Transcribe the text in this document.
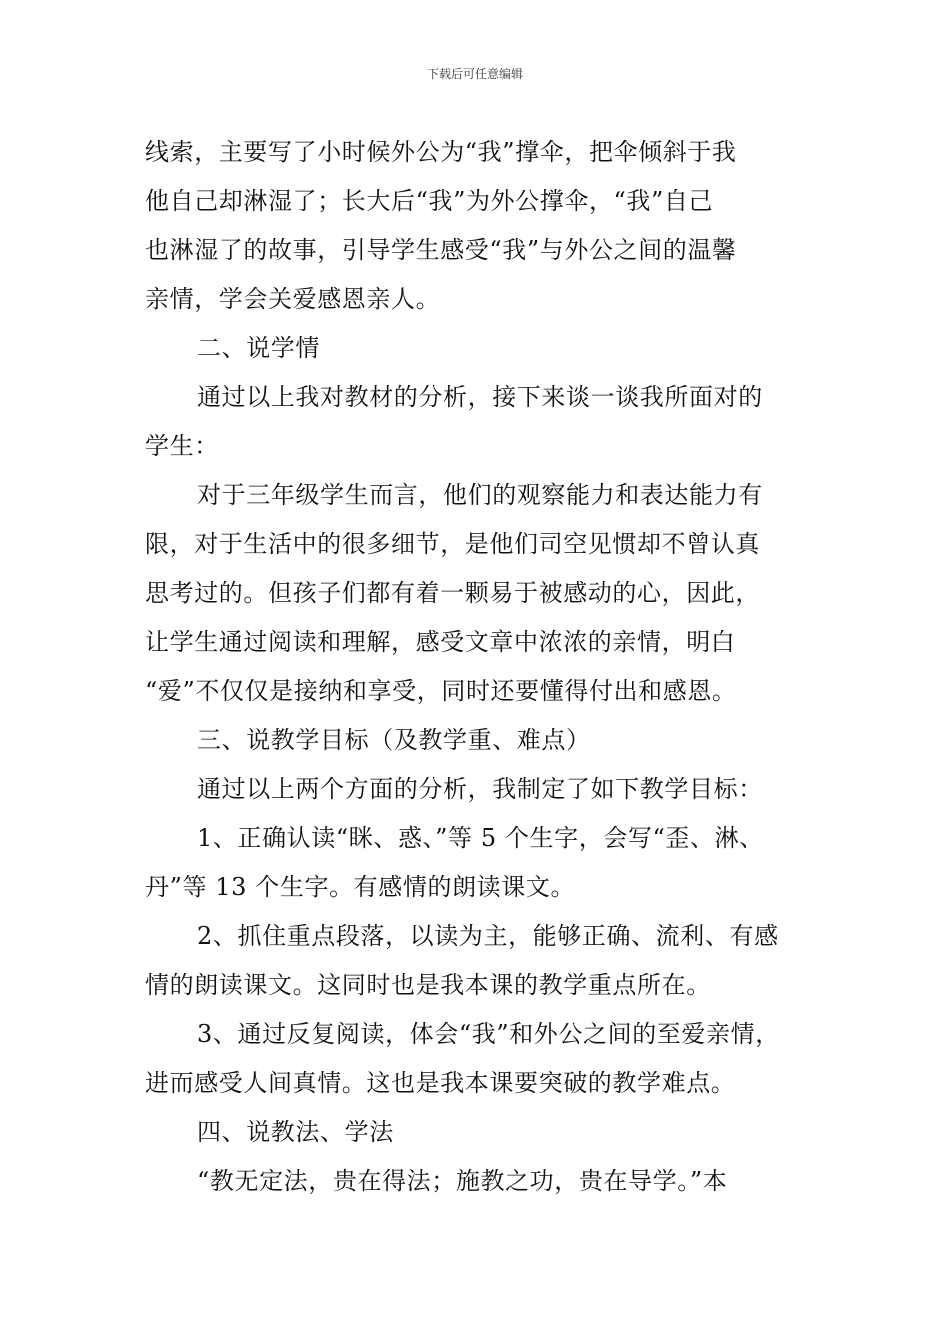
下载后可任意编辑
线索，主要写了小时候外公为“我”撑伞，把伞倾斜于我
他自己却淋湿了；长大后“我”为外公撑伞，“我”自己
也淋湿了的故事，引导学生感受“我”与外公之间的温馨
亲情，学会关爱感恩亲人。
二、说学情
通过以上我对教材的分析，接下来谈一谈我所面对的
学生：
对于三年级学生而言，他们的观察能力和表达能力有
限，对于生活中的很多细节，是他们司空见惯却不曾认真
思考过的。但孩子们都有着一颗易于被感动的心，因此，
让学生通过阅读和理解，感受文章中浓浓的亲情，明白
“爱”不仅仅是接纳和享受，同时还要懂得付出和感恩。
三、说教学目标（及教学重、难点）
通过以上两个方面的分析，我制定了如下教学目标：
1、正确认读“眯、惑、”等 5 个生字，会写“歪、淋、
丹”等 13 个生字。有感情的朗读课文。
2、抓住重点段落，以读为主，能够正确、流利、有感
情的朗读课文。这同时也是我本课的教学重点所在。
3、通过反复阅读，体会“我”和外公之间的至爱亲情，
进而感受人间真情。这也是我本课要突破的教学难点。
四、说教法、学法
“教无定法，贵在得法；施教之功，贵在导学。”本
